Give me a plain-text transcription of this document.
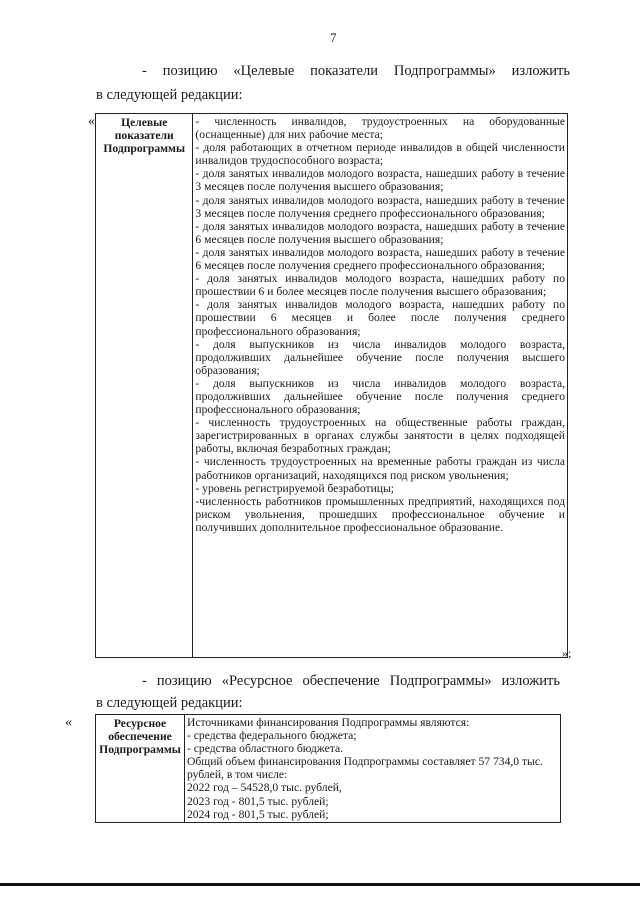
7
- позицию «Целевые показатели Подпрограммы» изложить
в следующей редакции:
« Целевые показатели Подпрограммы	
- численность инвалидов, трудоустроенных на оборудованные (оснащенные) для них рабочие места;
- доля работающих в отчетном периоде инвалидов в общей численности инвалидов трудоспособного возраста;
- доля занятых инвалидов молодого возраста, нашедших работу в течение 3 месяцев после получения высшего образования;
- доля занятых инвалидов молодого возраста, нашедших работу в течение 3 месяцев после получения среднего профессионального образования;
- доля занятых инвалидов молодого возраста, нашедших работу в течение 6 месяцев после получения высшего образования;
- доля занятых инвалидов молодого возраста, нашедших работу в течение 6 месяцев после получения среднего профессионального образования;
- доля занятых инвалидов молодого возраста, нашедших работу по прошествии 6 и более месяцев после получения высшего образования;
- доля занятых инвалидов молодого возраста, нашедших работу по прошествии 6 месяцев и более после получения среднего профессионального образования;
- доля выпускников из числа инвалидов молодого возраста, продолживших дальнейшее обучение после получения высшего образования;
- доля выпускников из числа инвалидов молодого возраста, продолживших дальнейшее обучение после получения среднего профессионального образования;
- численность трудоустроенных на общественные работы граждан, зарегистрированных в органах службы занятости в целях подходящей работы, включая безработных граждан;
- численность трудоустроенных на временные работы граждан из числа работников организаций, находящихся под риском увольнения;
- уровень регистрируемой безработицы;
-численность работников промышленных предприятий, находящихся под риском увольнения, прошедших профессиональное обучение и получивших дополнительное профессиональное образование.
»;
- позицию «Ресурсное обеспечение Подпрограммы» изложить
в следующей редакции:
«	Ресурсное обеспечение Подпрограммы	
Источниками финансирования Подпрограммы являются:
- средства федерального бюджета;
- средства областного бюджета.
Общий объем финансирования Подпрограммы составляет 57 734,0 тыс. рублей, в том числе:
2022 год – 54528,0 тыс. рублей,
2023 год - 801,5 тыс. рублей;
2024 год - 801,5 тыс. рублей;
